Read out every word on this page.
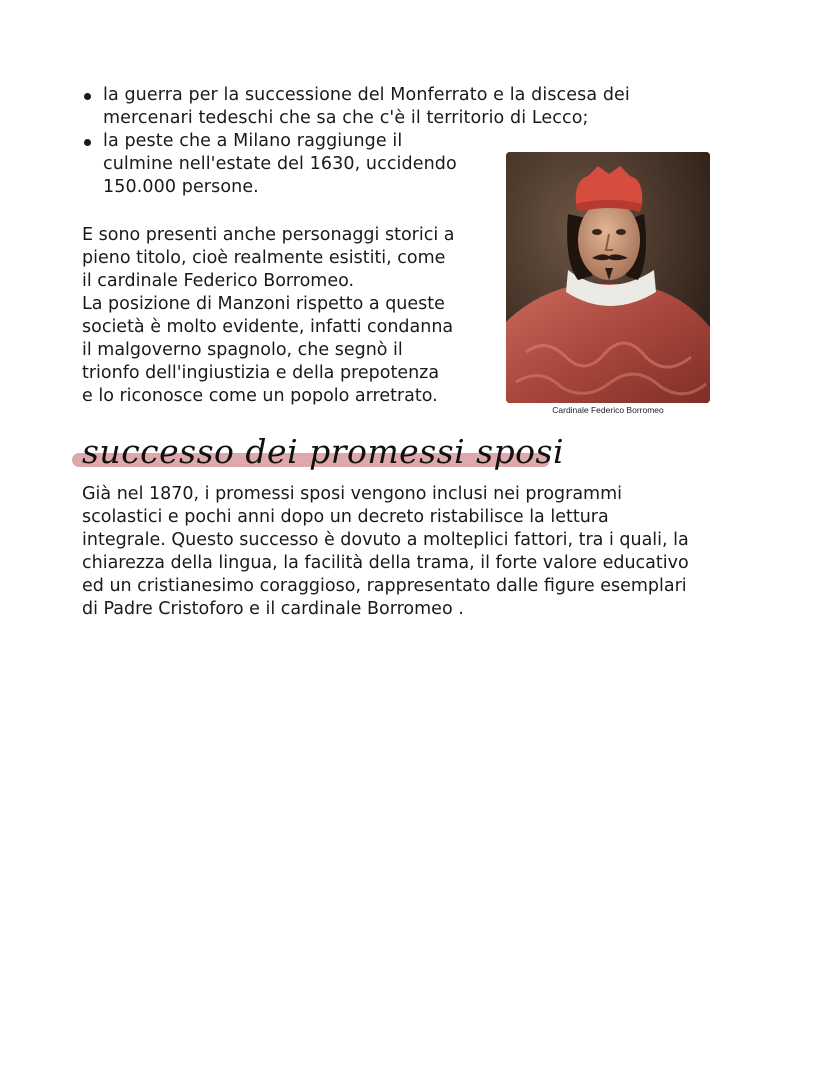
la guerra per la successione del Monferrato e la discesa dei
mercenari tedeschi che sa che c'è il territorio di Lecco;
la peste che a Milano raggiunge il
culmine nell'estate del 1630, uccidendo
150.000 persone.

E sono presenti anche personaggi storici a
pieno titolo, cioè realmente esistiti, come
il cardinale Federico Borromeo.
La posizione di Manzoni rispetto a queste
società è molto evidente, infatti condanna
il malgoverno spagnolo, che segnò il
trionfo dell'ingiustizia e della prepotenza
e lo riconosce come un popolo arretrato.

Cardinale Federico Borromeo
successo dei promessi sposi

Già nel 1870, i promessi sposi vengono inclusi nei programmi
scolastici e pochi anni dopo un decreto ristabilisce la lettura
integrale. Questo successo è dovuto a molteplici fattori, tra i quali, la
chiarezza della lingua, la facilità della trama, il forte valore educativo
ed un cristianesimo coraggioso, rappresentato dalle figure esemplari
di Padre Cristoforo e il cardinale Borromeo .
